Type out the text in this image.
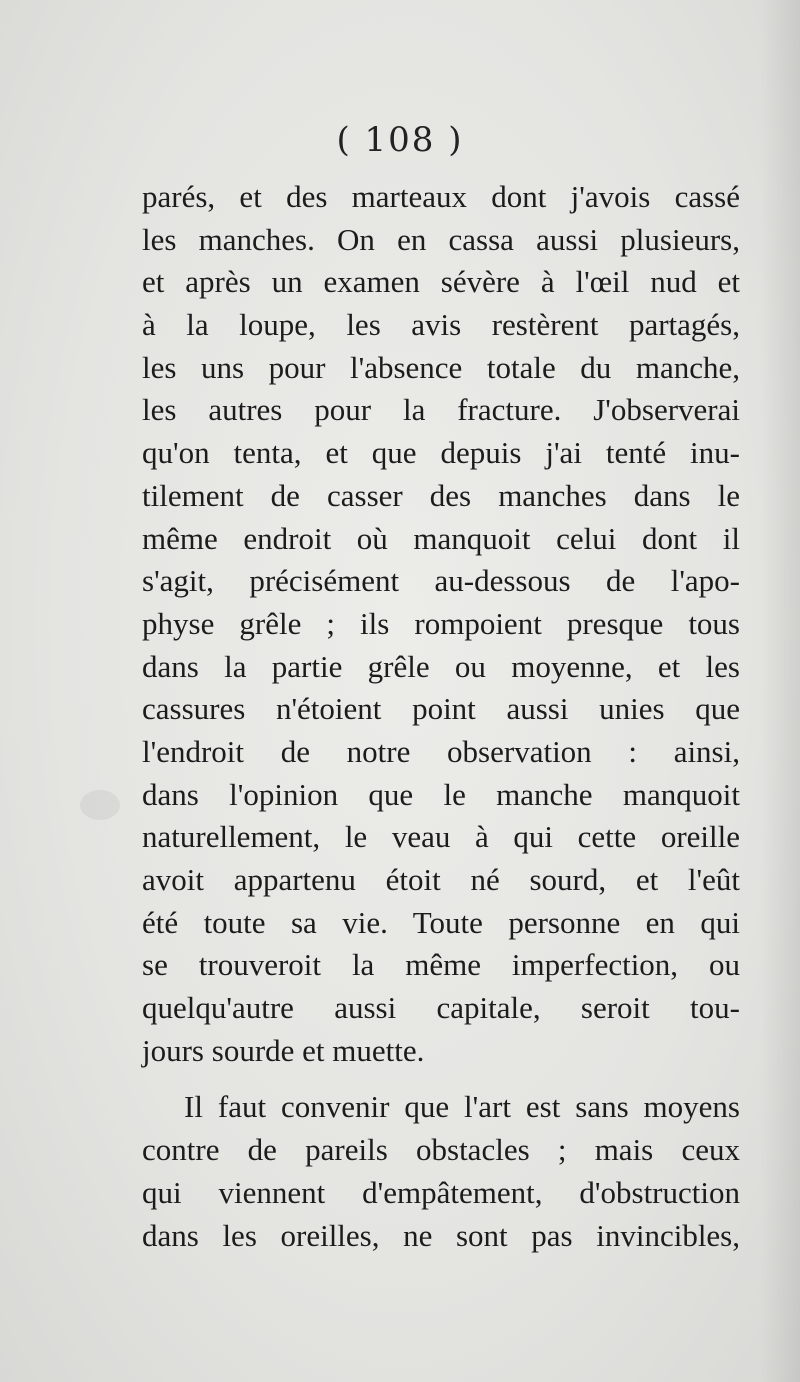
( 108 )
parés, et des marteaux dont j'avois cassé
les manches. On en cassa aussi plusieurs,
et après un examen sévère à l'œil nud et
à la loupe, les avis restèrent partagés,
les uns pour l'absence totale du manche,
les autres pour la fracture. J'observerai
qu'on tenta, et que depuis j'ai tenté inu-
tilement de casser des manches dans le
même endroit où manquoit celui dont il
s'agit, précisément au-dessous de l'apo-
physe grêle ; ils rompoient presque tous
dans la partie grêle ou moyenne, et les
cassures n'étoient point aussi unies que
l'endroit de notre observation : ainsi,
dans l'opinion que le manche manquoit
naturellement, le veau à qui cette oreille
avoit appartenu étoit né sourd, et l'eût
été toute sa vie. Toute personne en qui
se trouveroit la même imperfection, ou
quelqu'autre aussi capitale, seroit tou-
jours sourde et muette.
Il faut convenir que l'art est sans moyens
contre de pareils obstacles ; mais ceux
qui viennent d'empâtement, d'obstruction
dans les oreilles, ne sont pas invincibles,
